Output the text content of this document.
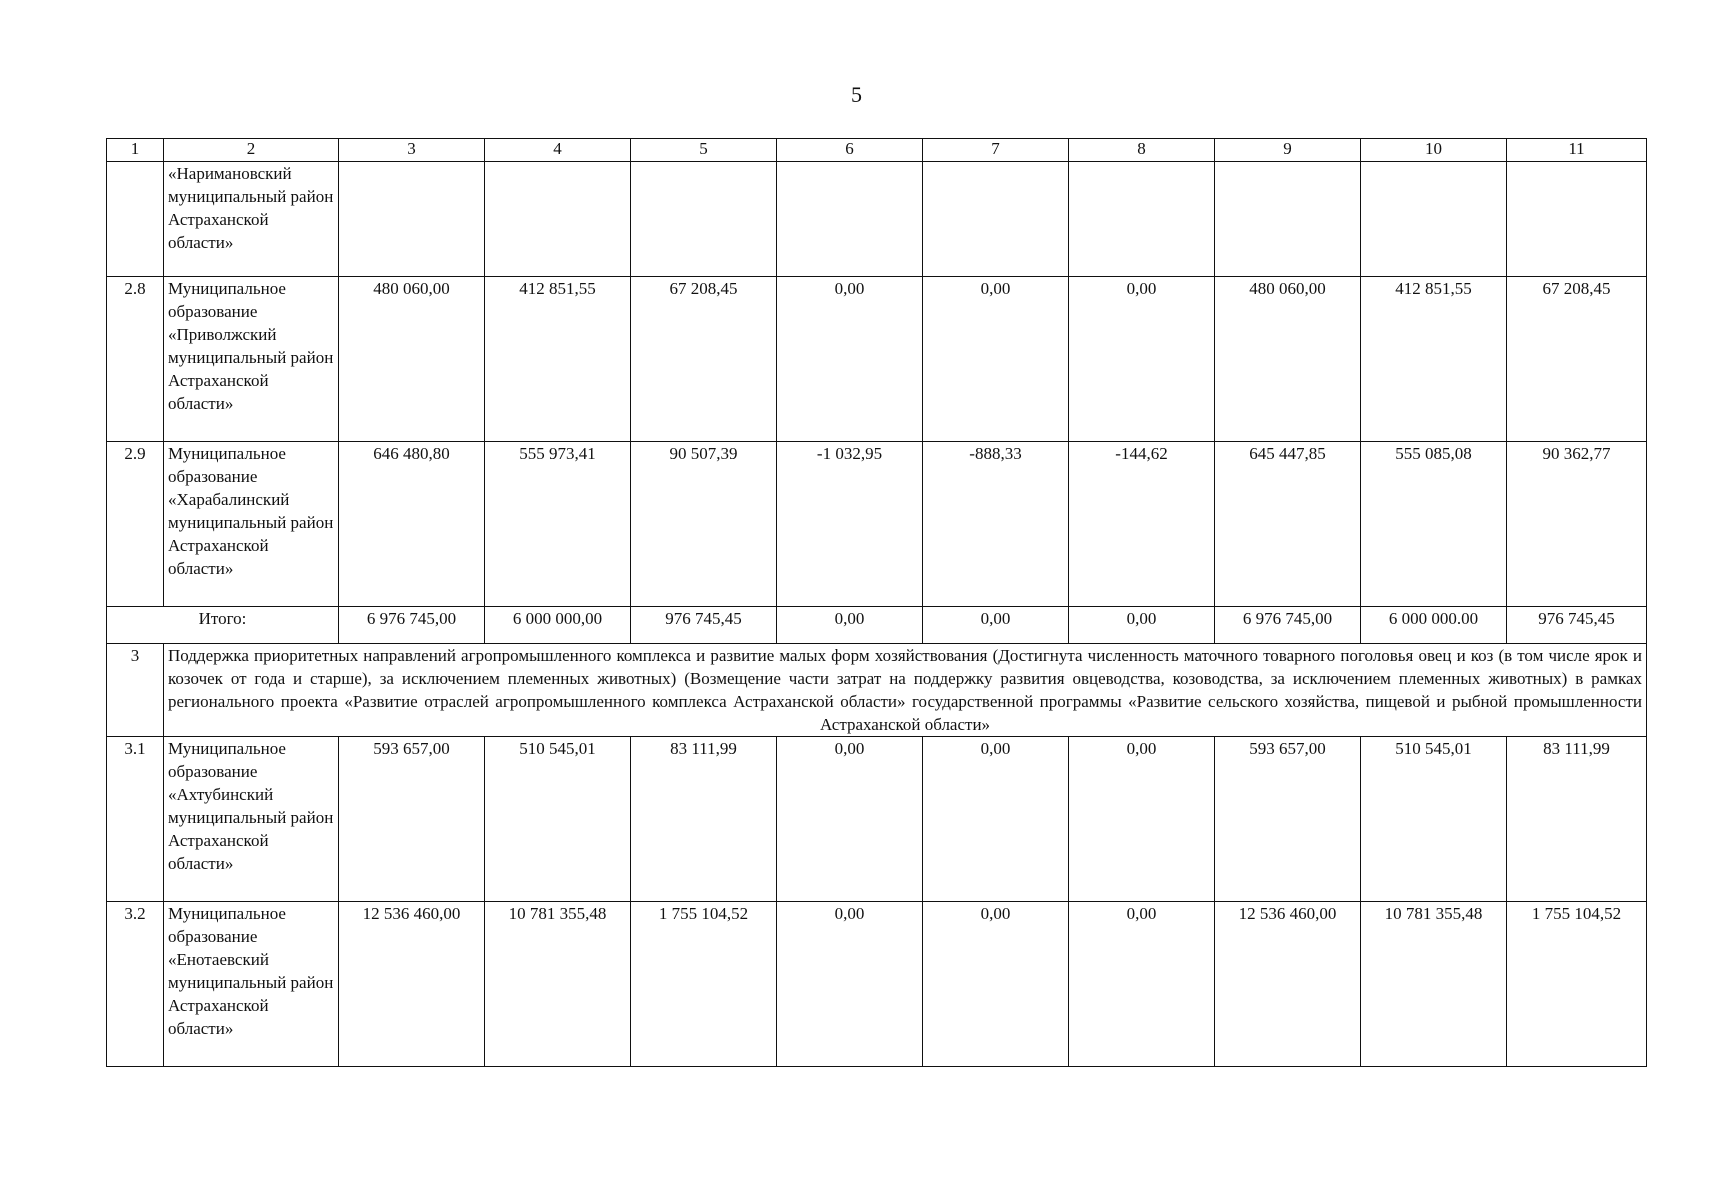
5
1	2	3	4	5	6	7	8	9	10	11
	«Наримановский муниципальный район Астраханской области»									
2.8	Муниципальное образование «Приволжский муниципальный район Астраханской области»	480 060,00	412 851,55	67 208,45	0,00	0,00	0,00	480 060,00	412 851,55	67 208,45
2.9	Муниципальное образование «Харабалинский муниципальный район Астраханской области»	646 480,80	555 973,41	90 507,39	-1 032,95	-888,33	-144,62	645 447,85	555 085,08	90 362,77
Итого:		6 976 745,00	6 000 000,00	976 745,45	0,00	0,00	0,00	6 976 745,00	6 000 000.00	976 745,45
3	Поддержка приоритетных направлений агропромышленного комплекса и развитие малых форм хозяйствования (Достигнута численность маточного товарного поголовья овец и коз (в том числе ярок и козочек от года и старше), за исключением племенных животных) (Возмещение части затрат на поддержку развития овцеводства, козоводства, за исключением племенных животных) в рамках регионального проекта «Развитие отраслей агропромышленного комплекса Астраханской области» государственной программы «Развитие сельского хозяйства, пищевой и рыбной промышленности Астраханской области»									
3.1	Муниципальное образование «Ахтубинский муниципальный район Астраханской области»	593 657,00	510 545,01	83 111,99	0,00	0,00	0,00	593 657,00	510 545,01	83 111,99
3.2	Муниципальное образование «Енотаевский муниципальный район Астраханской области»	12 536 460,00	10 781 355,48	1 755 104,52	0,00	0,00	0,00	12 536 460,00	10 781 355,48	1 755 104,52
